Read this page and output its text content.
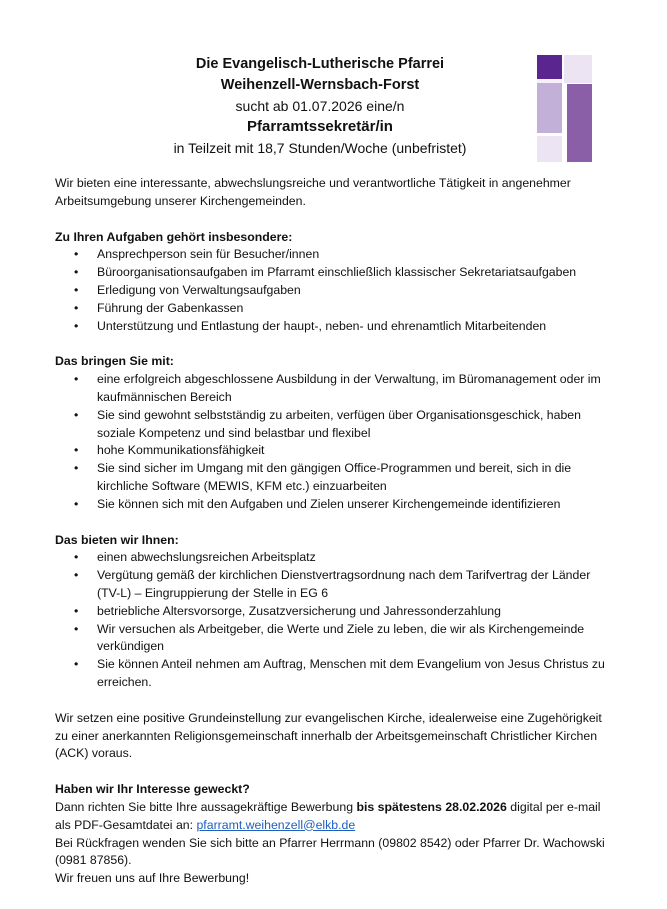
Die Evangelisch-Lutherische Pfarrei
Weihenzell-Wernsbach-Forst
sucht ab 01.07.2026 eine/n
Pfarramtssekretär/in
in Teilzeit mit 18,7 Stunden/Woche (unbefristet)

Wir bieten eine interessante, abwechslungsreiche und verantwortliche Tätigkeit in angenehmer Arbeitsumgebung unserer Kirchengemeinden.

Zu Ihren Aufgaben gehört insbesondere:
• Ansprechperson sein für Besucher/innen
• Büroorganisationsaufgaben im Pfarramt einschließlich klassischer Sekretariatsaufgaben
• Erledigung von Verwaltungsaufgaben
• Führung der Gabenkassen
• Unterstützung und Entlastung der haupt-, neben- und ehrenamtlich Mitarbeitenden
Das bringen Sie mit:
• eine erfolgreich abgeschlossene Ausbildung in der Verwaltung, im Büromanagement oder im kaufmännischen Bereich
• Sie sind gewohnt selbstständig zu arbeiten, verfügen über Organisationsgeschick, haben soziale Kompetenz und sind belastbar und flexibel
• hohe Kommunikationsfähigkeit
• Sie sind sicher im Umgang mit den gängigen Office-Programmen und bereit, sich in die kirchliche Software (MEWIS, KFM etc.) einzuarbeiten
• Sie können sich mit den Aufgaben und Zielen unserer Kirchengemeinde identifizieren
Das bieten wir Ihnen:
• einen abwechslungsreichen Arbeitsplatz
• Vergütung gemäß der kirchlichen Dienstvertragsordnung nach dem Tarifvertrag der Länder (TV-L) – Eingruppierung der Stelle in EG 6
• betriebliche Altersvorsorge, Zusatzversicherung und Jahressonderzahlung
• Wir versuchen als Arbeitgeber, die Werte und Ziele zu leben, die wir als Kirchengemeinde verkündigen
• Sie können Anteil nehmen am Auftrag, Menschen mit dem Evangelium von Jesus Christus zu erreichen.

Wir setzen eine positive Grundeinstellung zur evangelischen Kirche, idealerweise eine Zugehörigkeit zu einer anerkannten Religionsgemeinschaft innerhalb der Arbeitsgemeinschaft Christlicher Kirchen (ACK) voraus.

Haben wir Ihr Interesse geweckt?

Dann richten Sie bitte Ihre aussagekräftige Bewerbung bis spätestens 28.02.2026 digital per e-mail als PDF-Gesamtdatei an: pfarramt.weihenzell@elkb.de

Bei Rückfragen wenden Sie sich bitte an Pfarrer Herrmann (09802 8542) oder Pfarrer Dr. Wachowski (0981 87856).

Wir freuen uns auf Ihre Bewerbung!
